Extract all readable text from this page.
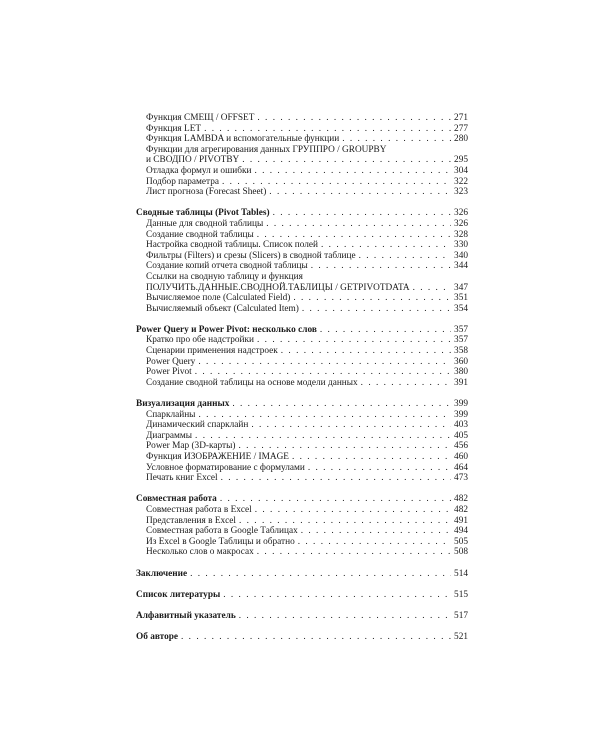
Функция СМЕЩ / OFFSET . . .	271
Функция LET . . .	277
Функция LAMBDA и вспомогательные функции . . .	280
Функции для агрегирования данных ГРУППРО / GROUPBY
и СВОДПО / PIVOTBY . . .	295
Отладка формул и ошибки . . .	304
Подбор параметра . . .	322
Лист прогноза (Forecast Sheet) . . .	323
Сводные таблицы (Pivot Tables) . . .	326
Данные для сводной таблицы . . .	326
Создание сводной таблицы . . .	328
Настройка сводной таблицы. Список полей . . .	330
Фильтры (Filters) и срезы (Slicers) в сводной таблице . . .	340
Создание копий отчета сводной таблицы . . .	344
Ссылки на сводную таблицу и функция
ПОЛУЧИТЬ.ДАННЫЕ.СВОДНОЙ.ТАБЛИЦЫ / GETPIVOTDATA . . .	347
Вычисляемое поле (Calculated Field) . . .	351
Вычисляемый объект (Calculated Item) . . .	354
Power Query и Power Pivot: несколько слов . . .	357
Кратко про обе надстройки . . .	357
Сценарии применения надстроек . . .	358
Power Query . . .	360
Power Pivot . . .	380
Создание сводной таблицы на основе модели данных . . .	391
Визуализация данных . . .	399
Спарклайны . . .	399
Динамический спарклайн . . .	403
Диаграммы . . .	405
Power Map (3D-карты) . . .	456
Функция ИЗОБРАЖЕНИЕ / IMAGE . . .	460
Условное форматирование с формулами . . .	464
Печать книг Excel . . .	473
Совместная работа . . .	482
Совместная работа в Excel . . .	482
Представления в Excel . . .	491
Совместная работа в Google Таблицах . . .	494
Из Excel в Google Таблицы и обратно . . .	505
Несколько слов о макросах . . .	508
Заключение . . .	514
Список литературы . . .	515
Алфавитный указатель . . .	517
Об авторе . . .	521
